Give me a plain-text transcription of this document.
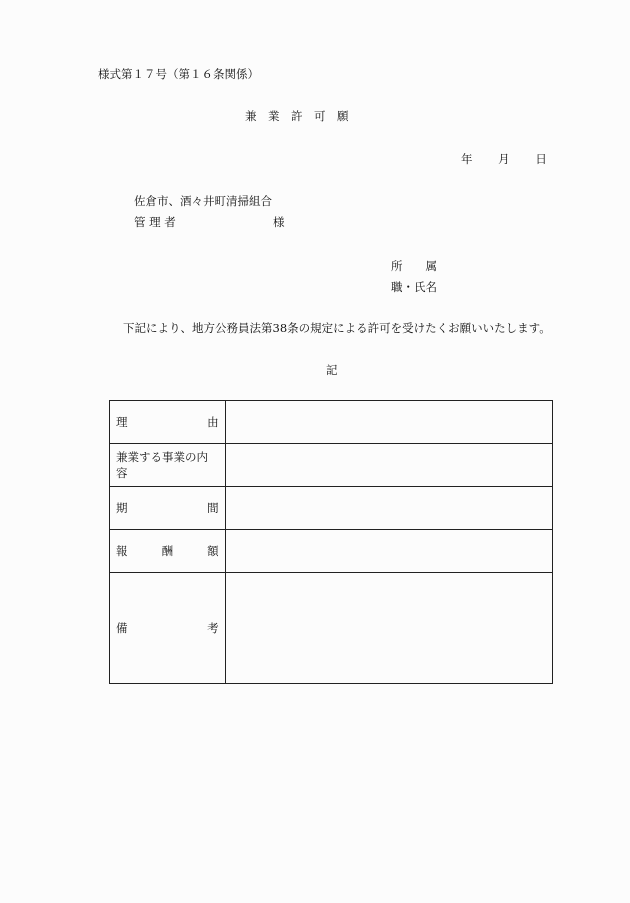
様式第１７号（第１６条関係）
兼　業　許　可　願
年 月 日
佐倉市、酒々井町清掃組合
管 理 者	様
所　　属
職・氏名
下記により、地方公務員法第38条の規定による許可を受けたくお願いいたします。
記
理 由	

兼業する事業の内容	

期 間	

報 酬 額	

備 考	
